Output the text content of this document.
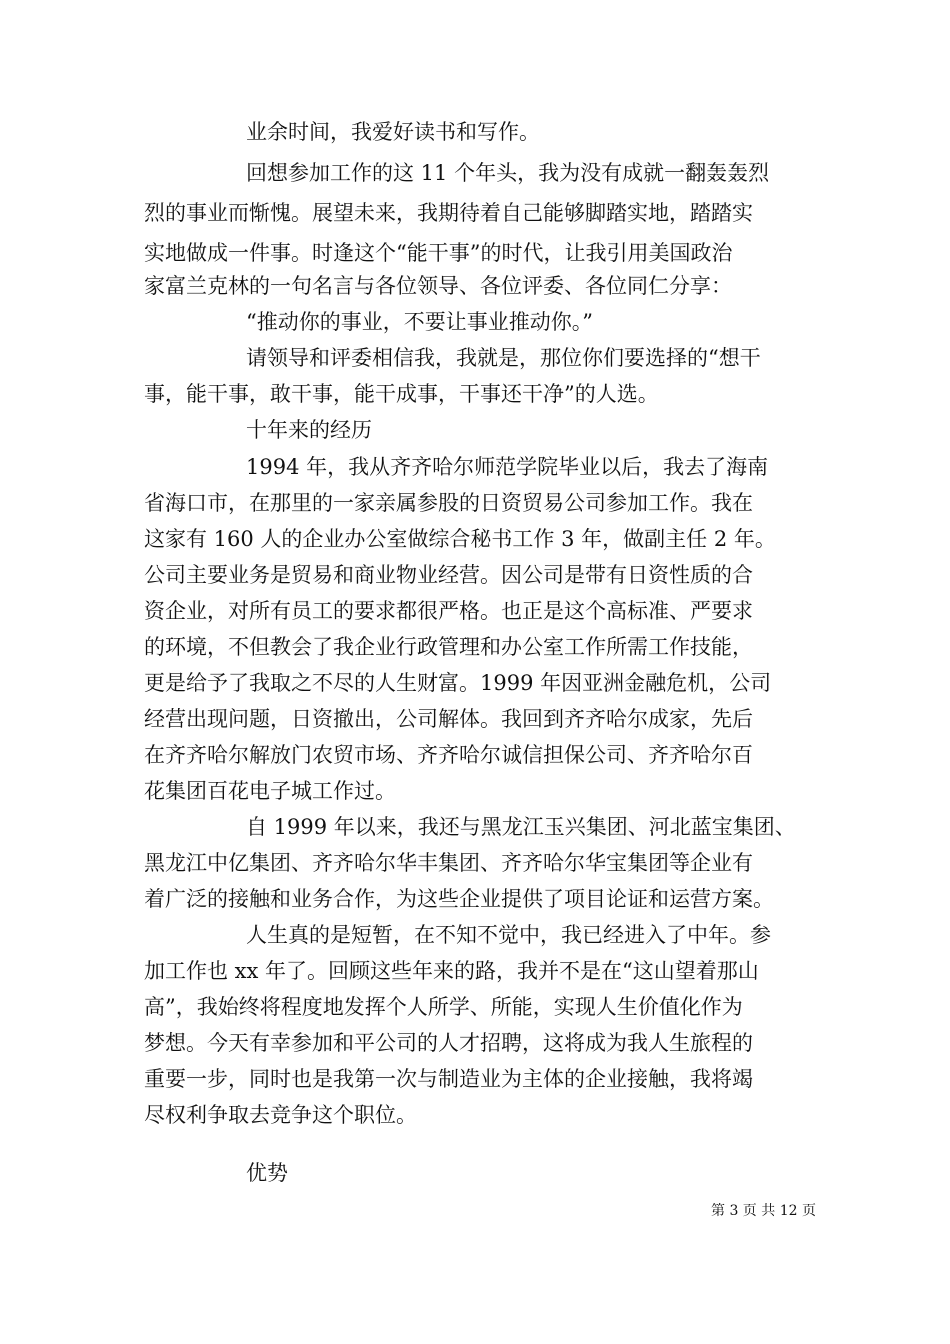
业余时间，我爱好读书和写作。
回想参加工作的这 11 个年头，我为没有成就一翻轰轰烈
烈的事业而惭愧。展望未来，我期待着自己能够脚踏实地，踏踏实
实地做成一件事。时逢这个“能干事”的时代，让我引用美国政治
家富兰克林的一句名言与各位领导、各位评委、各位同仁分享：
“推动你的事业，不要让事业推动你。”
请领导和评委相信我，我就是，那位你们要选择的“想干
事，能干事，敢干事，能干成事，干事还干净”的人选。
十年来的经历
1994 年，我从齐齐哈尔师范学院毕业以后，我去了海南
省海口市，在那里的一家亲属参股的日资贸易公司参加工作。我在
这家有 160 人的企业办公室做综合秘书工作 3 年，做副主任 2 年。
公司主要业务是贸易和商业物业经营。因公司是带有日资性质的合
资企业，对所有员工的要求都很严格。也正是这个高标准、严要求
的环境，不但教会了我企业行政管理和办公室工作所需工作技能，
更是给予了我取之不尽的人生财富。1999 年因亚洲金融危机，公司
经营出现问题，日资撤出，公司解体。我回到齐齐哈尔成家，先后
在齐齐哈尔解放门农贸市场、齐齐哈尔诚信担保公司、齐齐哈尔百
花集团百花电子城工作过。
自 1999 年以来，我还与黑龙江玉兴集团、河北蓝宝集团、
黑龙江中亿集团、齐齐哈尔华丰集团、齐齐哈尔华宝集团等企业有
着广泛的接触和业务合作，为这些企业提供了项目论证和运营方案。
人生真的是短暂，在不知不觉中，我已经进入了中年。参
加工作也 xx 年了。回顾这些年来的路，我并不是在“这山望着那山
高”，我始终将程度地发挥个人所学、所能，实现人生价值化作为
梦想。今天有幸参加和平公司的人才招聘，这将成为我人生旅程的
重要一步，同时也是我第一次与制造业为主体的企业接触，我将竭
尽权利争取去竞争这个职位。
优势
第 3 页 共 12 页
